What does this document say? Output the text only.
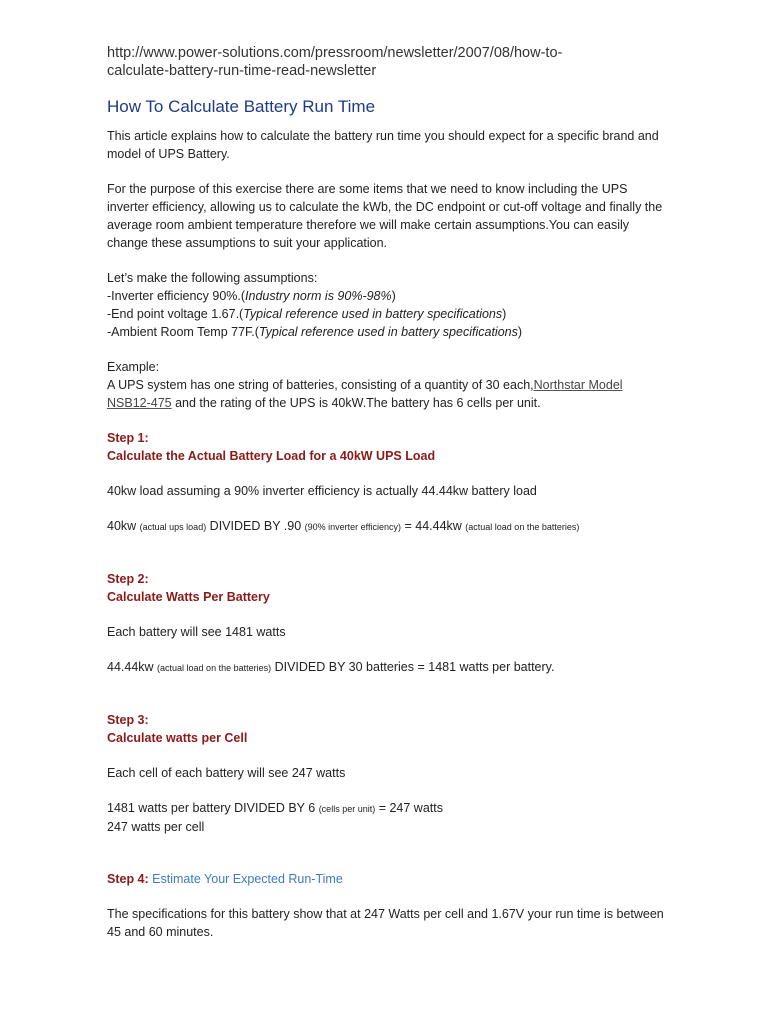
http://www.power-solutions.com/pressroom/newsletter/2007/08/how-to-
calculate-battery-run-time-read-newsletter

How To Calculate Battery Run Time

This article explains how to calculate the battery run time you should expect for a specific brand and model of UPS Battery.

For the purpose of this exercise there are some items that we need to know including the UPS inverter efficiency, allowing us to calculate the kWb, the DC endpoint or cut-off voltage and finally the average room ambient temperature therefore we will make certain assumptions.You can easily change these assumptions to suit your application.

Let’s make the following assumptions:

-Inverter efficiency 90%.(Industry norm is 90%-98%)

-End point voltage 1.67.(Typical reference used in battery specifications)

-Ambient Room Temp 77F.(Typical reference used in battery specifications)

Example:

A UPS system has one string of batteries, consisting of a quantity of 30 each,Northstar Model NSB12-475 and the rating of the UPS is 40kW.The battery has 6 cells per unit.

Step 1:
Calculate the Actual Battery Load for a 40kW UPS Load

40kw load assuming a 90% inverter efficiency is actually 44.44kw battery load

40kw (actual ups load) DIVIDED BY .90 (90% inverter efficiency) = 44.44kw (actual load on the batteries)

Step 2:
Calculate Watts Per Battery

Each battery will see 1481 watts

44.44kw (actual load on the batteries) DIVIDED BY 30 batteries = 1481 watts per battery.

Step 3:
Calculate watts per Cell

Each cell of each battery will see 247 watts

1481 watts per battery DIVIDED BY 6 (cells per unit) = 247 watts

247 watts per cell

Step 4: Estimate Your Expected Run-Time

The specifications for this battery show that at 247 Watts per cell and 1.67V your run time is between 45 and 60 minutes.
